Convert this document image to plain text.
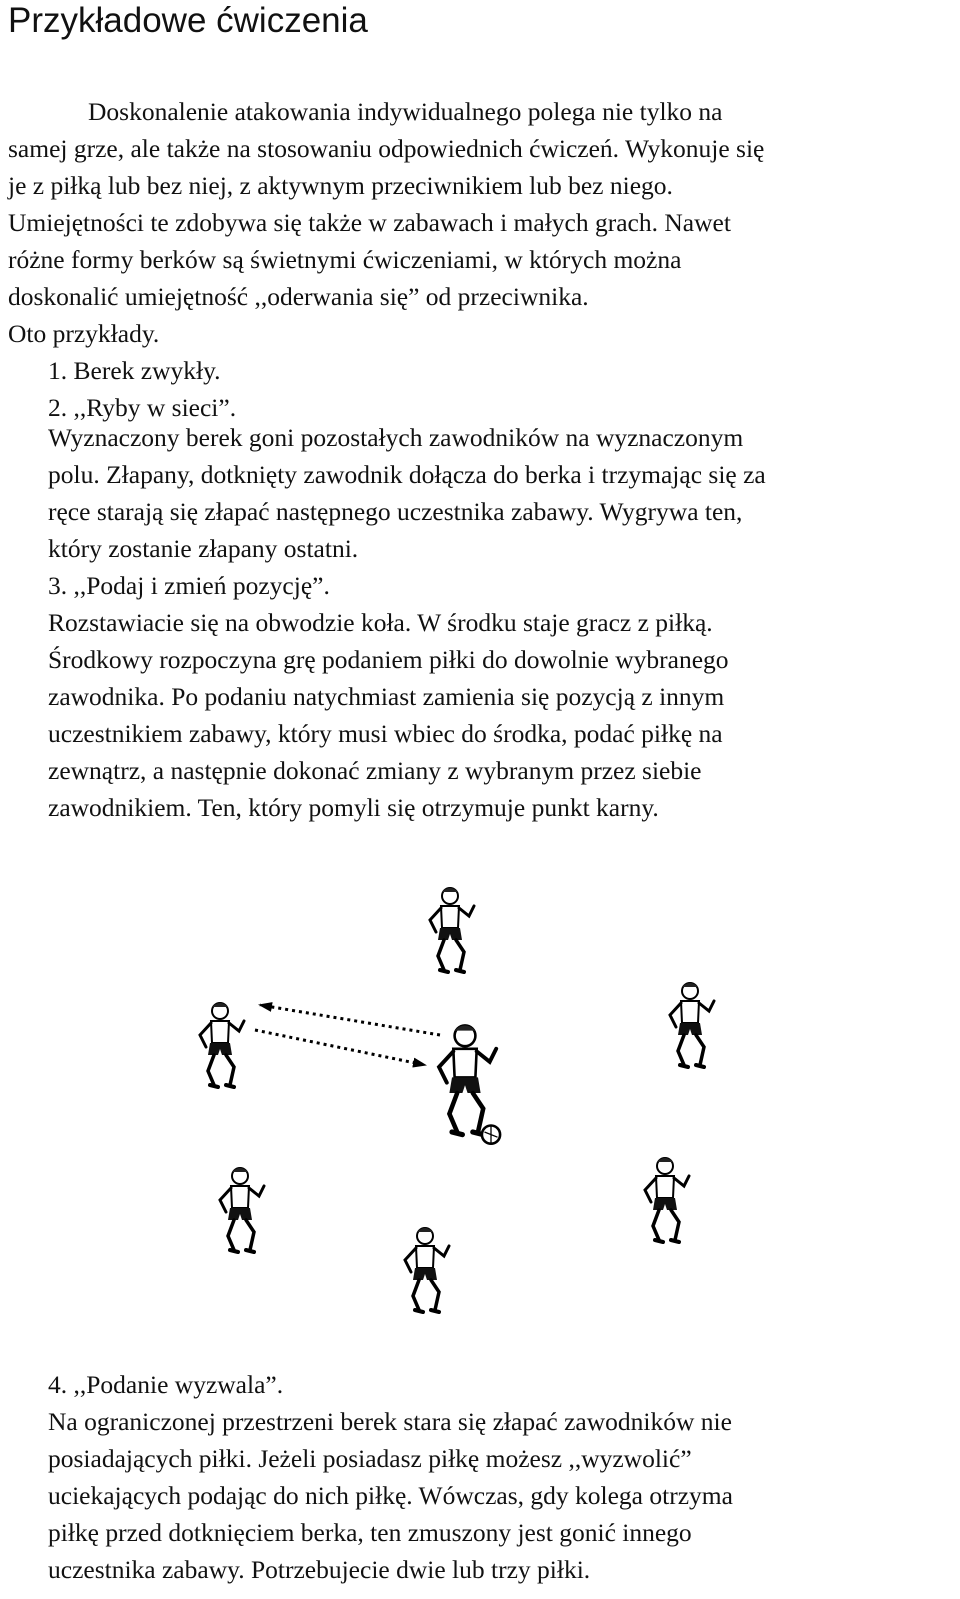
Przykładowe ćwiczenia
Doskonalenie atakowania indywidualnego polega nie tylko na
samej grze, ale także na stosowaniu odpowiednich ćwiczeń. Wykonuje się
je z piłką lub bez niej, z aktywnym przeciwnikiem lub bez niego.
Umiejętności te zdobywa się także w zabawach i małych grach. Nawet
różne formy berków są świetnymi ćwiczeniami, w których można
doskonalić umiejętność ,,oderwania się” od przeciwnika.
Oto przykłady.
1. Berek zwykły.
2. ,,Ryby w sieci”.
Wyznaczony berek goni pozostałych zawodników na wyznaczonym
polu. Złapany, dotknięty zawodnik dołącza do berka i trzymając się za
ręce starają się złapać następnego uczestnika zabawy. Wygrywa ten,
który zostanie złapany ostatni.
3. ,,Podaj i zmień pozycję”.
Rozstawiacie się na obwodzie koła. W środku staje gracz z piłką.
Środkowy rozpoczyna grę podaniem piłki do dowolnie wybranego
zawodnika. Po podaniu natychmiast zamienia się pozycją z innym
uczestnikiem zabawy, który musi wbiec do środka, podać piłkę na
zewnątrz, a następnie dokonać zmiany z wybranym przez siebie
zawodnikiem. Ten, który pomyli się otrzymuje punkt karny.
4. ,,Podanie wyzwala”.
Na ograniczonej przestrzeni berek stara się złapać zawodników nie
posiadających piłki. Jeżeli posiadasz piłkę możesz ,,wyzwolić”
uciekających podając do nich piłkę. Wówczas, gdy kolega otrzyma
piłkę przed dotknięciem berka, ten zmuszony jest gonić innego
uczestnika zabawy. Potrzebujecie dwie lub trzy piłki.
